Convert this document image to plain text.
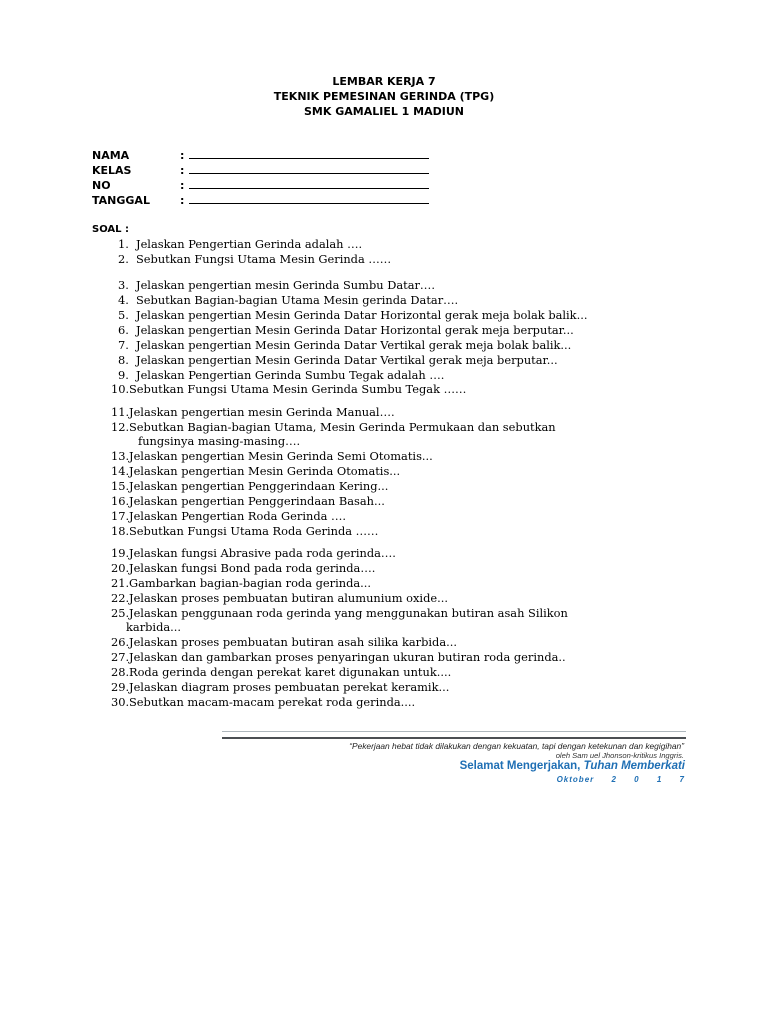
LEMBAR KERJA 7
TEKNIK PEMESINAN GERINDA (TPG)
SMK GAMALIEL 1 MADIUN
NAMA	:
KELAS	:
NO	:
TANGGAL	:
SOAL :
1. Jelaskan Pengertian Gerinda adalah ….
2. Sebutkan Fungsi Utama Mesin Gerinda ……
3. Jelaskan pengertian mesin Gerinda Sumbu Datar….
4. Sebutkan Bagian-bagian Utama Mesin gerinda Datar….
5. Jelaskan pengertian Mesin Gerinda Datar Horizontal gerak meja bolak balik...
6. Jelaskan pengertian Mesin Gerinda Datar Horizontal gerak meja berputar...
7. Jelaskan pengertian Mesin Gerinda Datar Vertikal gerak meja bolak balik...
8. Jelaskan pengertian Mesin Gerinda Datar Vertikal gerak meja berputar...
9. Jelaskan Pengertian Gerinda Sumbu Tegak adalah ….
10.Sebutkan Fungsi Utama Mesin Gerinda Sumbu Tegak ……
11.Jelaskan pengertian mesin Gerinda Manual….
12.Sebutkan Bagian-bagian Utama, Mesin Gerinda Permukaan dan sebutkan
fungsinya masing-masing….
13.Jelaskan pengertian Mesin Gerinda Semi Otomatis...
14.Jelaskan pengertian Mesin Gerinda Otomatis...
15.Jelaskan pengertian Penggerindaan Kering...
16.Jelaskan pengertian Penggerindaan Basah...
17.Jelaskan Pengertian Roda Gerinda ….
18.Sebutkan Fungsi Utama Roda Gerinda ……
19.Jelaskan fungsi Abrasive pada roda gerinda….
20.Jelaskan fungsi Bond pada roda gerinda….
21.Gambarkan bagian-bagian roda gerinda...
22.Jelaskan proses pembuatan butiran alumunium oxide...
25.Jelaskan penggunaan roda gerinda yang menggunakan butiran asah Silikon
karbida...
26.Jelaskan proses pembuatan butiran asah silika karbida...
27.Jelaskan dan gambarkan proses penyaringan ukuran butiran roda gerinda..
28.Roda gerinda dengan perekat karet digunakan untuk....
29.Jelaskan diagram proses pembuatan perekat keramik...
30.Sebutkan macam-macam perekat roda gerinda....
“Pekerjaan hebat tidak dilakukan dengan kekuatan, tapi dengan ketekunan dan kegigihan”
oleh Sam uel Jhonson-kritikus Inggris.
Selamat Mengerjakan, Tuhan Memberkati
Oktober 2 0 1 7
